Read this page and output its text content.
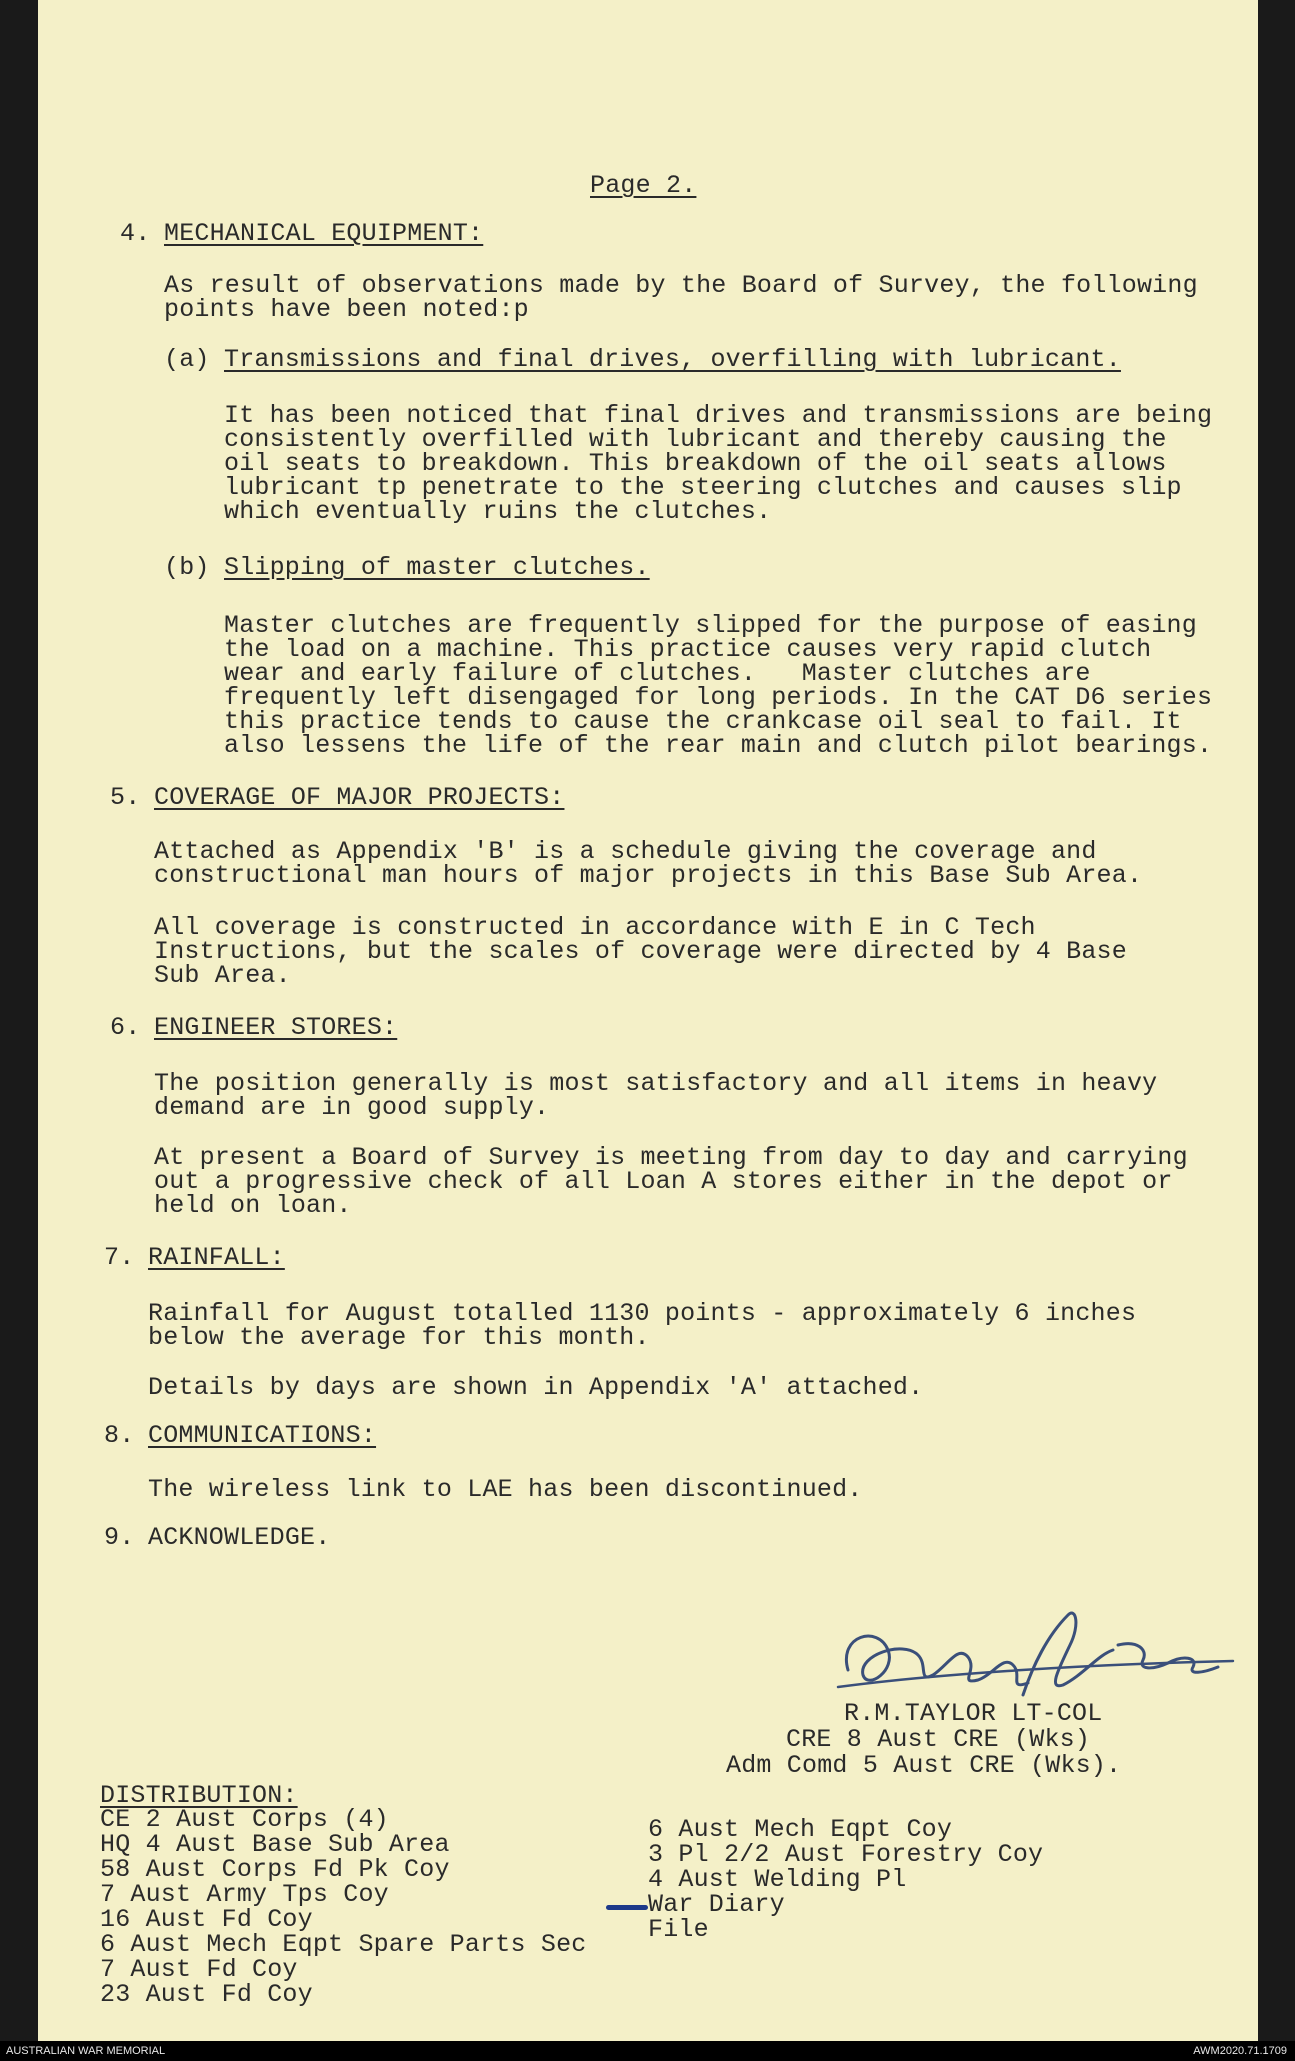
Page 2.
4. MECHANICAL EQUIPMENT:
As result of observations made by the Board of Survey, the following
points have been noted:p
(a) Transmissions and final drives, overfilling with lubricant.
It has been noticed that final drives and transmissions are being
consistently overfilled with lubricant and thereby causing the
oil seats to breakdown. This breakdown of the oil seats allows
lubricant tp penetrate to the steering clutches and causes slip
which eventually ruins the clutches.
(b) Slipping of master clutches.
Master clutches are frequently slipped for the purpose of easing
the load on a machine. This practice causes very rapid clutch
wear and early failure of clutches.   Master clutches are
frequently left disengaged for long periods. In the CAT D6 series
this practice tends to cause the crankcase oil seal to fail. It
also lessens the life of the rear main and clutch pilot bearings.
5. COVERAGE OF MAJOR PROJECTS:
Attached as Appendix 'B' is a schedule giving the coverage and
constructional man hours of major projects in this Base Sub Area.
All coverage is constructed in accordance with E in C Tech
Instructions, but the scales of coverage were directed by 4 Base
Sub Area.
6. ENGINEER STORES:
The position generally is most satisfactory and all items in heavy
demand are in good supply.
At present a Board of Survey is meeting from day to day and carrying
out a progressive check of all Loan A stores either in the depot or
held on loan.
7. RAINFALL:
Rainfall for August totalled 1130 points - approximately 6 inches
below the average for this month.
Details by days are shown in Appendix 'A' attached.
8. COMMUNICATIONS:
The wireless link to LAE has been discontinued.
9. ACKNOWLEDGE.
R.M.TAYLOR LT-COL
CRE 8 Aust CRE (Wks)
Adm Comd 5 Aust CRE (Wks).
DISTRIBUTION:
CE 2 Aust Corps (4)
HQ 4 Aust Base Sub Area
58 Aust Corps Fd Pk Coy
7 Aust Army Tps Coy
16 Aust Fd Coy
6 Aust Mech Eqpt Spare Parts Sec
7 Aust Fd Coy
23 Aust Fd Coy
6 Aust Mech Eqpt Coy
3 Pl 2/2 Aust Forestry Coy
4 Aust Welding Pl
War Diary
File
AUSTRALIAN WAR MEMORIAL	AWM2020.71.1709
